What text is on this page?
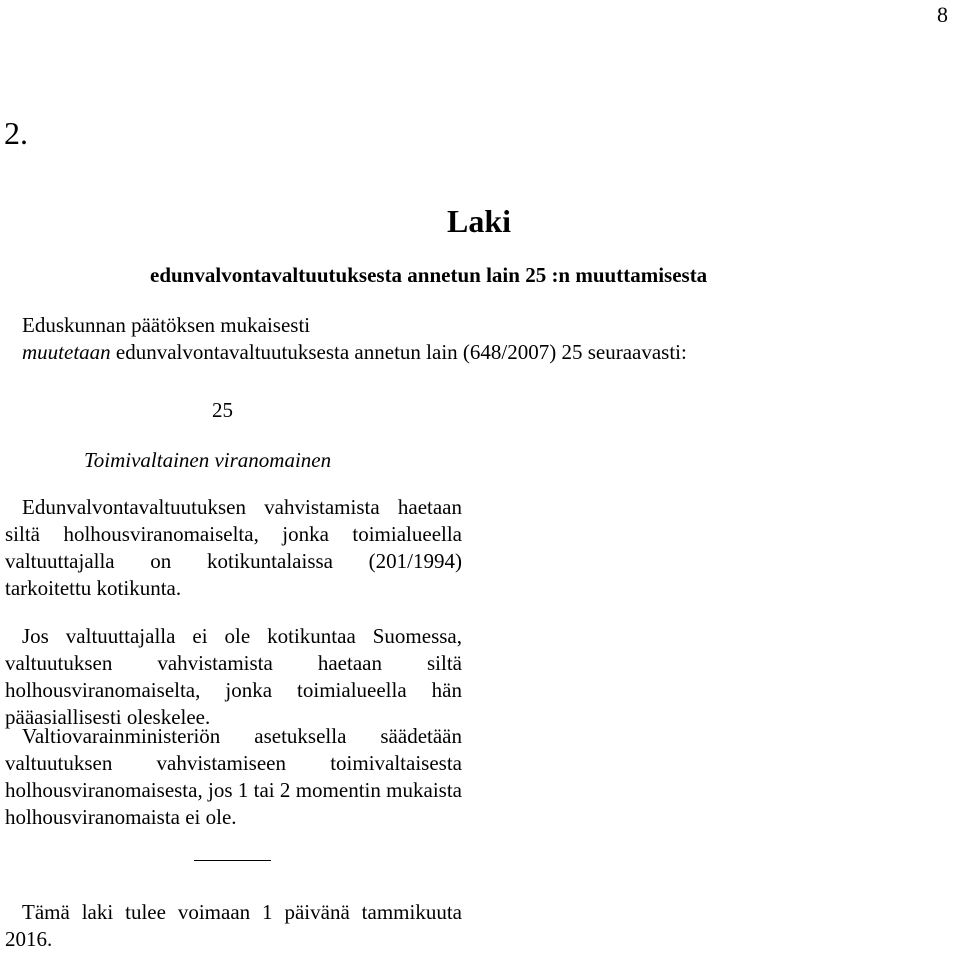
8
2.
Laki
edunvalvontavaltuutuksesta annetun lain 25 :n muuttamisesta
Eduskunnan päätöksen mukaisesti
muutetaan edunvalvontavaltuutuksesta annetun lain (648/2007) 25 seuraavasti:
25
Toimivaltainen viranomainen

Edunvalvontavaltuutuksen vahvistamista haetaan siltä holhousviranomaiselta, jonka toimialueella valtuuttajalla on kotikuntalaissa (201/1994) tarkoitettu kotikunta.

Jos valtuuttajalla ei ole kotikuntaa Suomessa, valtuutuksen vahvistamista haetaan siltä holhousviranomaiselta, jonka toimialueella hän pääasiallisesti oleskelee.

Valtiovarainministeriön asetuksella säädetään valtuutuksen vahvistamiseen toimivaltaisesta holhousviranomaisesta, jos 1 tai 2 momentin mukaista holhousviranomaista ei ole.

Tämä laki tulee voimaan 1 päivänä tammikuuta 2016.
